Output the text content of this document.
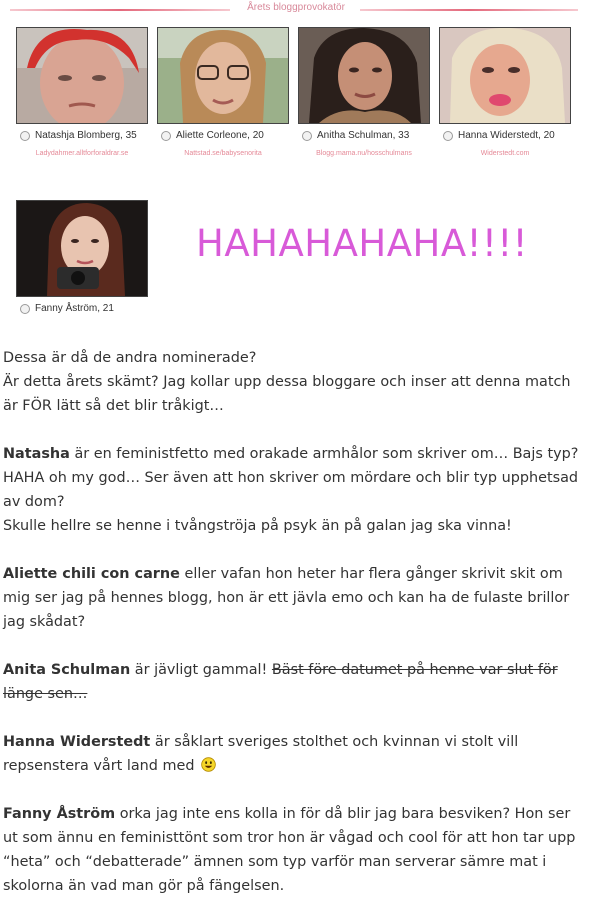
Årets bloggprovokatör
Natashja Blomberg, 35
Ladydahmer.alltforforaldrar.se
Aliette Corleone, 20
Nattstad.se/babysenorita
Anitha Schulman, 33
Blogg.mama.nu/hosschulmans
Hanna Widerstedt, 20
Widerstedt.com
Fanny Åström, 21
HAHAHAHAHA!!!!

Dessa är då de andra nominerade?
Är detta årets skämt? Jag kollar upp dessa bloggare och inser att denna match är FÖR lätt så det blir tråkigt…

Natasha är en feministfetto med orakade armhålor som skriver om… Bajs typ? HAHA oh my god… Ser även att hon skriver om mördare och blir typ upphetsad av dom?
Skulle hellre se henne i tvångströja på psyk än på galan jag ska vinna!

Aliette chili con carne eller vafan hon heter har flera gånger skrivit skit om mig ser jag på hennes blogg, hon är ett jävla emo och kan ha de fulaste brillor jag skådat?

Anita Schulman är jävligt gammal! Bäst före datumet på henne var slut för länge sen…

Hanna Widerstedt är såklart sveriges stolthet och kvinnan vi stolt vill repsenstera vårt land med

Fanny Åström orka jag inte ens kolla in för då blir jag bara besviken? Hon ser ut som ännu en feministtönt som tror hon är vågad och cool för att hon tar upp “heta” och “debatterade” ämnen som typ varför man serverar sämre mat i skolorna än vad man gör på fängelsen.
